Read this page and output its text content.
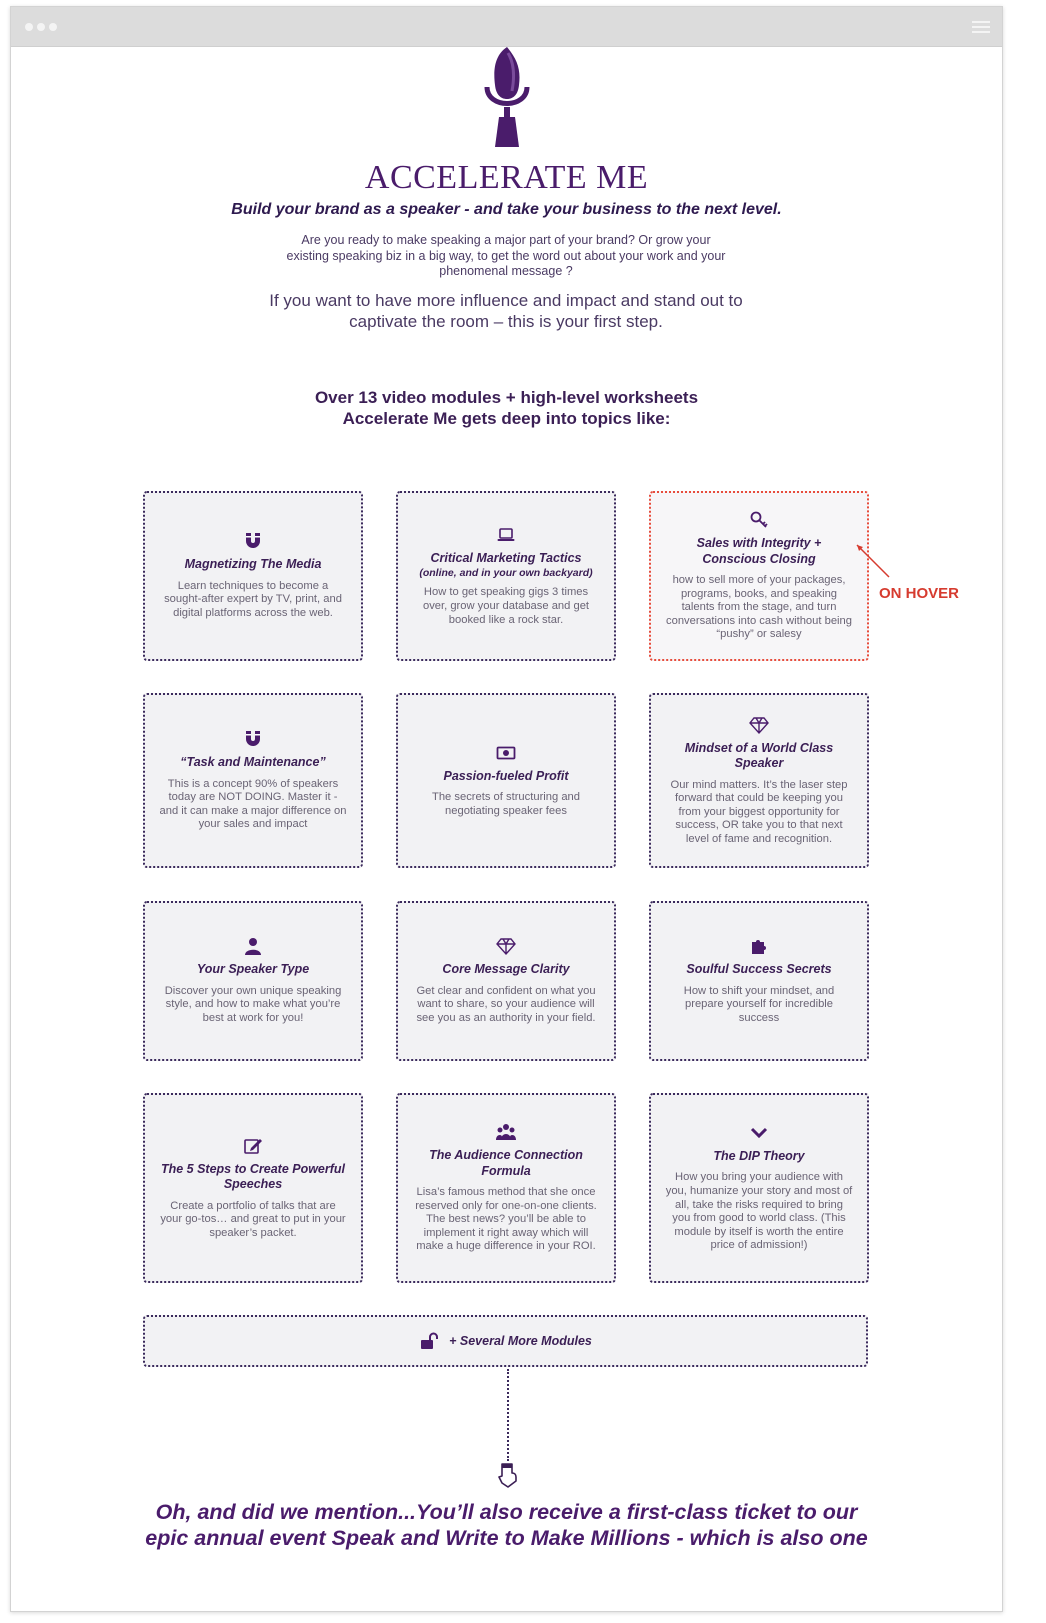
ACCELERATE ME
Build your brand as a speaker - and take your business to the next level.
Are you ready to make speaking a major part of your brand? Or grow your existing speaking biz in a big way, to get the word out about your work and your phenomenal message ?
If you want to have more influence and impact and stand out to captivate the room – this is your first step.
Over 13 video modules + high-level worksheets
Accelerate Me gets deep into topics like:
Magnetizing The Media
Learn techniques to become a sought-after expert by TV, print, and digital platforms across the web.
Critical Marketing Tactics
(online, and in your own backyard)
How to get speaking gigs 3 times over, grow your database and get booked like a rock star.
Sales with Integrity + Conscious Closing
how to sell more of your packages, programs, books, and speaking talents from the stage, and turn conversations into cash without being “pushy” or salesy
ON HOVER
“Task and Maintenance”
This is a concept 90% of speakers today are NOT DOING. Master it - and it can make a major difference on your sales and impact
Passion-fueled Profit
The secrets of structuring and negotiating speaker fees
Mindset of a World Class Speaker
Our mind matters. It’s the laser step forward that could be keeping you from your biggest opportunity for success, OR take you to that next level of fame and recognition.
Your Speaker Type
Discover your own unique speaking style, and how to make what you’re best at work for you!
Core Message Clarity
Get clear and confident on what you want to share, so your audience will see you as an authority in your field.
Soulful Success Secrets
How to shift your mindset, and prepare yourself for incredible success
The 5 Steps to Create Powerful Speeches
Create a portfolio of talks that are your go-tos… and great to put in your speaker’s packet.
The Audience Connection Formula
Lisa’s famous method that she once reserved only for one-on-one clients. The best news? you’ll be able to implement it right away which will make a huge difference in your ROI.
The DIP Theory
How you bring your audience with you, humanize your story and most of all, take the risks required to bring you from good to world class. (This module by itself is worth the entire price of admission!)
+ Several More Modules
Oh, and did we mention...You’ll also receive a first-class ticket to our
epic annual event Speak and Write to Make Millions - which is also one
